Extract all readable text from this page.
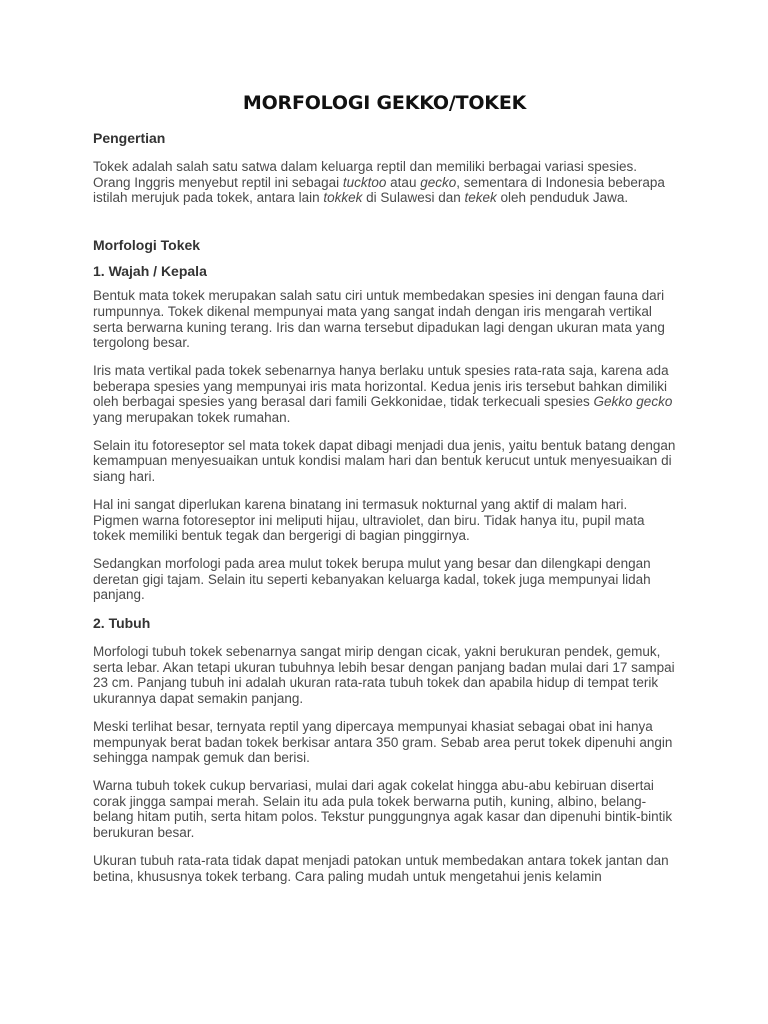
MORFOLOGI GEKKO/TOKEK
Pengertian

Tokek adalah salah satu satwa dalam keluarga reptil dan memiliki berbagai variasi spesies. Orang Inggris menyebut reptil ini sebagai tucktoo atau gecko, sementara di Indonesia beberapa istilah merujuk pada tokek, antara lain tokkek di Sulawesi dan tekek oleh penduduk Jawa.

Morfologi Tokek
1. Wajah / Kepala

Bentuk mata tokek merupakan salah satu ciri untuk membedakan spesies ini dengan fauna dari rumpunnya. Tokek dikenal mempunyai mata yang sangat indah dengan iris mengarah vertikal serta berwarna kuning terang. Iris dan warna tersebut dipadukan lagi dengan ukuran mata yang tergolong besar.

Iris mata vertikal pada tokek sebenarnya hanya berlaku untuk spesies rata-rata saja, karena ada beberapa spesies yang mempunyai iris mata horizontal. Kedua jenis iris tersebut bahkan dimiliki oleh berbagai spesies yang berasal dari famili Gekkonidae, tidak terkecuali spesies Gekko gecko yang merupakan tokek rumahan.

Selain itu fotoreseptor sel mata tokek dapat dibagi menjadi dua jenis, yaitu bentuk batang dengan kemampuan menyesuaikan untuk kondisi malam hari dan bentuk kerucut untuk menyesuaikan di siang hari.

Hal ini sangat diperlukan karena binatang ini termasuk nokturnal yang aktif di malam hari. Pigmen warna fotoreseptor ini meliputi hijau, ultraviolet, dan biru. Tidak hanya itu, pupil mata tokek memiliki bentuk tegak dan bergerigi di bagian pinggirnya.

Sedangkan morfologi pada area mulut tokek berupa mulut yang besar dan dilengkapi dengan deretan gigi tajam. Selain itu seperti kebanyakan keluarga kadal, tokek juga mempunyai lidah panjang.

2. Tubuh

Morfologi tubuh tokek sebenarnya sangat mirip dengan cicak, yakni berukuran pendek, gemuk, serta lebar. Akan tetapi ukuran tubuhnya lebih besar dengan panjang badan mulai dari 17 sampai 23 cm. Panjang tubuh ini adalah ukuran rata-rata tubuh tokek dan apabila hidup di tempat terik ukurannya dapat semakin panjang.

Meski terlihat besar, ternyata reptil yang dipercaya mempunyai khasiat sebagai obat ini hanya mempunyak berat badan tokek berkisar antara 350 gram. Sebab area perut tokek dipenuhi angin sehingga nampak gemuk dan berisi.

Warna tubuh tokek cukup bervariasi, mulai dari agak cokelat hingga abu-abu kebiruan disertai corak jingga sampai merah. Selain itu ada pula tokek berwarna putih, kuning, albino, belang-belang hitam putih, serta hitam polos. Tekstur punggungnya agak kasar dan dipenuhi bintik-bintik berukuran besar.

Ukuran tubuh rata-rata tidak dapat menjadi patokan untuk membedakan antara tokek jantan dan betina, khususnya tokek terbang. Cara paling mudah untuk mengetahui jenis kelamin
